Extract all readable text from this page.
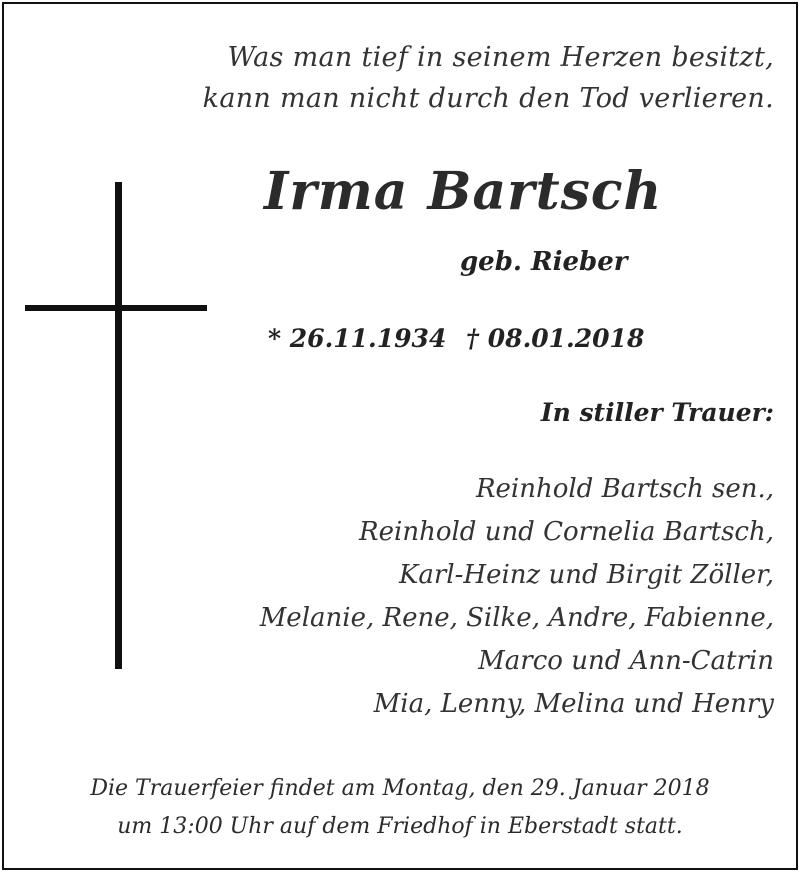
Was man tief in seinem Herzen besitzt,

kann man nicht durch den Tod verlieren.

Irma Bartsch

geb. Rieber

* 26.11.1934 † 08.01.2018

In stiller Trauer:

Reinhold Bartsch sen.,
Reinhold und Cornelia Bartsch,
Karl-Heinz und Birgit Zöller,
Melanie, Rene, Silke, Andre, Fabienne,
Marco und Ann-Catrin
Mia, Lenny, Melina und Henry

Die Trauerfeier findet am Montag, den 29. Januar 2018

um 13:00 Uhr auf dem Friedhof in Eberstadt statt.
